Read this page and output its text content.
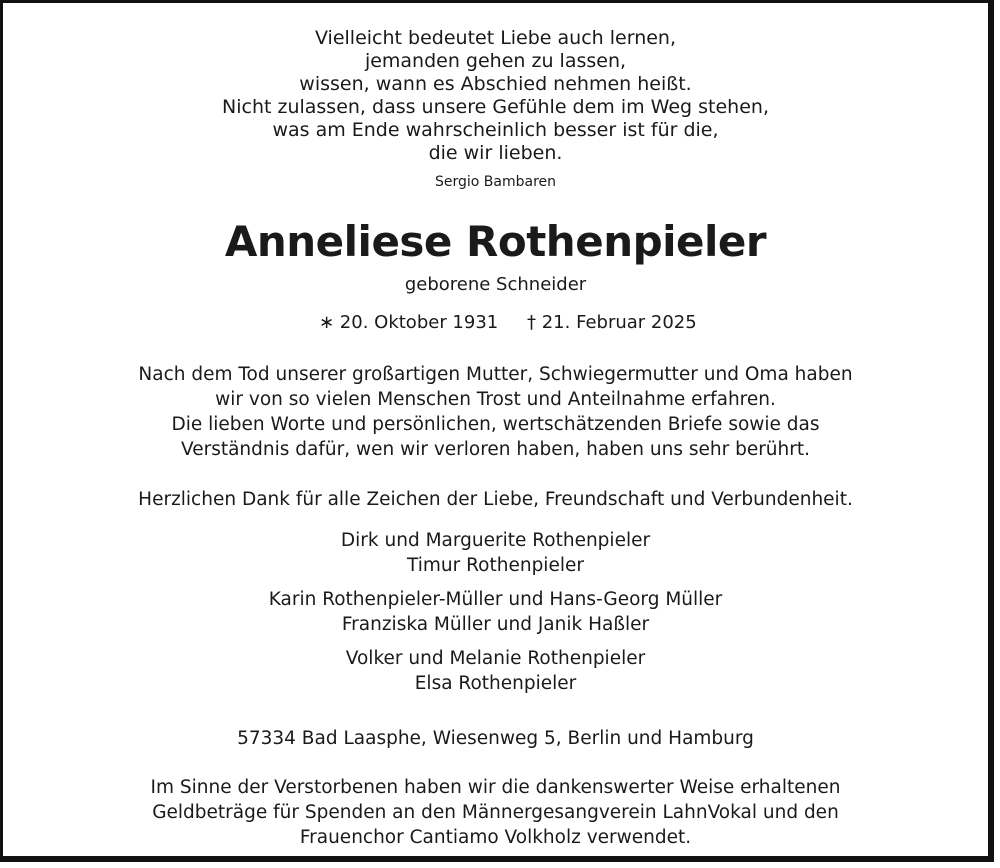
Vielleicht bedeutet Liebe auch lernen,
jemanden gehen zu lassen,
wissen, wann es Abschied nehmen heißt.
Nicht zulassen, dass unsere Gefühle dem im Weg stehen,
was am Ende wahrscheinlich besser ist für die,
die wir lieben.
Sergio Bambaren
Anneliese Rothenpieler
geborene Schneider
∗ 20. Oktober 1931 † 21. Februar 2025
Nach dem Tod unserer großartigen Mutter, Schwiegermutter und Oma haben
wir von so vielen Menschen Trost und Anteilnahme erfahren.
Die lieben Worte und persönlichen, wertschätzenden Briefe sowie das
Verständnis dafür, wen wir verloren haben, haben uns sehr berührt.
Herzlichen Dank für alle Zeichen der Liebe, Freundschaft und Verbundenheit.
Dirk und Marguerite Rothenpieler
Timur Rothenpieler
Karin Rothenpieler-Müller und Hans-Georg Müller
Franziska Müller und Janik Haßler
Volker und Melanie Rothenpieler
Elsa Rothenpieler
57334 Bad Laasphe, Wiesenweg 5, Berlin und Hamburg
Im Sinne der Verstorbenen haben wir die dankenswerter Weise erhaltenen
Geldbeträge für Spenden an den Männergesangverein LahnVokal und den
Frauenchor Cantiamo Volkholz verwendet.
